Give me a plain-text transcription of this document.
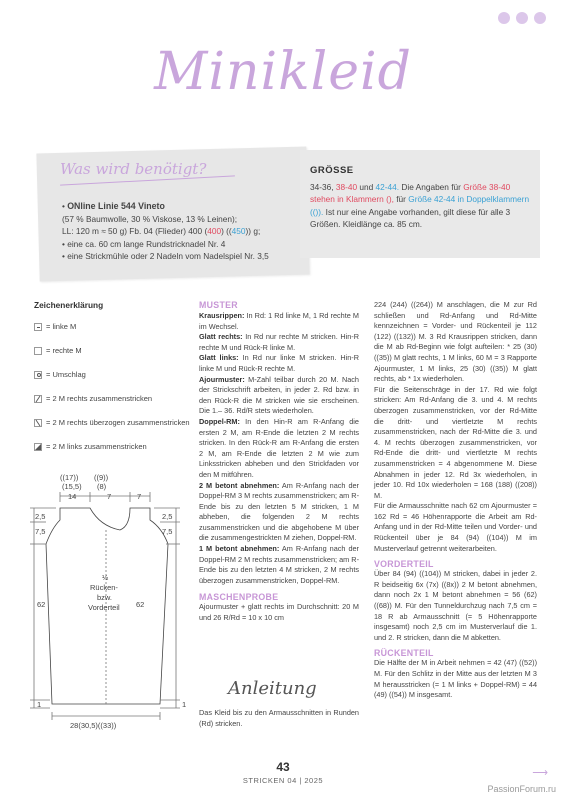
Minikleid
Was wird benötigt?
• ONline Linie 544 Vineto
(57 % Baumwolle, 30 % Viskose, 13 % Leinen);
LL: 120 m ≈ 50 g) Fb. 04 (Flieder) 400 (400) ((450)) g;
• eine ca. 60 cm lange Rundstricknadel Nr. 4
• eine Strickmühle oder 2 Nadeln vom Nadelspiel Nr. 3,5
GRÖSSE
34-36, 38-40 und 42-44. Die Angaben für Größe 38-40 stehen in Klammern (), für Größe 42-44 in Doppelklammern (()). Ist nur eine Angabe vorhanden, gilt diese für alle 3 Größen. Kleidlänge ca. 85 cm.
Zeichenerklärung
= linke M
= rechte M
= Umschlag
= 2 M rechts zusammenstricken
= 2 M rechts überzogen zusammenstricken
= 2 M links zusammenstricken
((17)) ((9))
(15,5) (8)
14	7	7
2,5
7,5
62
1
2,5
7,5
62
1
½
Rücken-
bzw.
Vorderteil
28(30,5)((33))
MUSTER

Krausrippen: In Rd: 1 Rd linke M, 1 Rd rechte M im Wechsel.

Glatt rechts: In Rd nur rechte M stricken. Hin-R rechte M und Rück-R linke M.

Glatt links: In Rd nur linke M stricken. Hin-R linke M und Rück-R rechte M.

Ajourmuster: M-Zahl teilbar durch 20 M. Nach der Strickschrift arbeiten, in jeder 2. Rd bzw. in den Rück-R die M stricken wie sie erscheinen. Die 1.– 36. Rd/R stets wiederholen.

Doppel-RM: In den Hin-R am R-Anfang die ersten 2 M, am R-Ende die letzten 2 M rechts stricken. In den Rück-R am R-Anfang die ersten 2 M, am R-Ende die letzten 2 M wie zum Linksstricken abheben und den Strickfaden vor den M mitführen.

2 M betont abnehmen: Am R-Anfang nach der Doppel-RM 3 M rechts zusammenstricken; am R-Ende bis zu den letzten 5 M stricken, 1 M abheben, die folgenden 2 M rechts zusammenstricken und die abgehobene M über die zusammengestrickten M ziehen, Doppel-RM.

1 M betont abnehmen: Am R-Anfang nach der Doppel-RM 2 M rechts zusammenstricken; am R-Ende bis zu den letzten 4 M stricken, 2 M rechts überzogen zusammenstricken, Doppel-RM.

MASCHENPROBE
Ajourmuster + glatt rechts im Durchschnitt: 20 M und 26 R/Rd = 10 x 10 cm
Anleitung
Das Kleid bis zu den Armausschnitten in Runden (Rd) stricken.
224 (244) ((264)) M anschlagen, die M zur Rd schließen und Rd-Anfang und Rd-Mitte kennzeichnen = Vorder- und Rückenteil je 112 (122) ((132)) M. 3 Rd Krausrippen stricken, dann die M ab Rd-Beginn wie folgt aufteilen: * 25 (30) ((35)) M glatt rechts, 1 M links, 60 M = 3 Rapporte Ajourmuster, 1 M links, 25 (30) ((35)) M glatt rechts, ab * 1x wiederholen.
Für die Seitenschräge in der 17. Rd wie folgt stricken: Am Rd-Anfang die 3. und 4. M rechts überzogen zusammenstricken, vor der Rd-Mitte die dritt- und viertletzte M rechts zusammenstricken, nach der Rd-Mitte die 3. und 4. M rechts überzogen zusammenstricken, vor Rd-Ende die dritt- und viertletzte M rechts zusammenstricken = 4 abgenommene M. Diese Abnahmen in jeder 12. Rd 3x wiederholen, in jeder 10. Rd 10x wiederholen = 168 (188) ((208)) M.
Für die Armausschnitte nach 62 cm Ajourmuster = 162 Rd = 46 Höhenrapporte die Arbeit am Rd-Anfang und in der Rd-Mitte teilen und Vorder- und Rückenteil über je 84 (94) ((104)) M im Musterverlauf getrennt weiterarbeiten.
VORDERTEIL
Über 84 (94) ((104)) M stricken, dabei in jeder 2. R beidseitig 6x (7x) ((8x)) 2 M betont abnehmen, dann noch 2x 1 M betont abnehmen = 56 (62) ((68)) M. Für den Tunneldurchzug nach 7,5 cm = 18 R ab Armausschnitt (= 5 Höhenrapporte insgesamt) noch 2,5 cm im Musterverlauf die 1. und 2. R stricken, dann die M abketten.
RÜCKENTEIL
Die Hälfte der M in Arbeit nehmen = 42 (47) ((52)) M. Für den Schlitz in der Mitte aus der letzten M 3 M herausstricken (= 1 M links + Doppel-RM) = 44 (49) ((54)) M insgesamt.
43
STRICKEN 04 | 2025
⟶
PassionForum.ru
